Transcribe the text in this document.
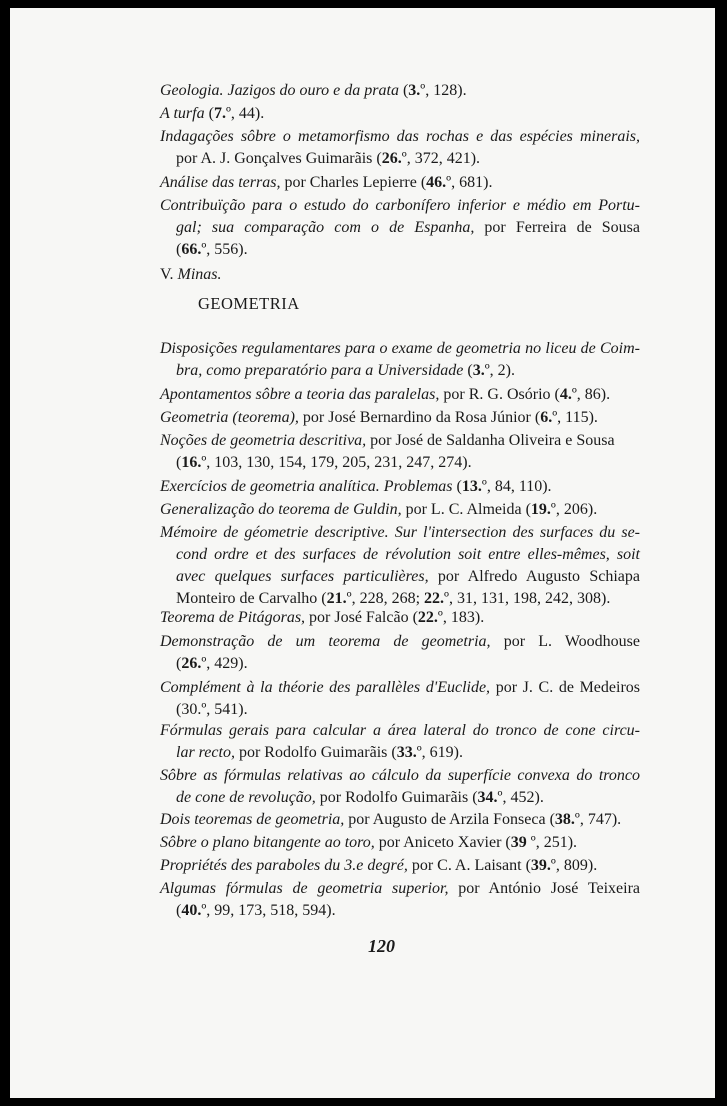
Geologia. Jazigos do ouro e da prata (3.º, 128).
A turfa (7.º, 44).
Indagações sôbre o metamorfismo das rochas e das espécies minerais,
por A. J. Gonçalves Guimarãis (26.º, 372, 421).
Análise das terras, por Charles Lepierre (46.º, 681).
Contribuïção para o estudo do carbonífero inferior e médio em Portu-
gal; sua comparação com o de Espanha, por Ferreira de Sousa
(66.º, 556).
V. Minas.
GEOMETRIA
Disposições regulamentares para o exame de geometria no liceu de Coim-
bra, como preparatório para a Universidade (3.º, 2).
Apontamentos sôbre a teoria das paralelas, por R. G. Osório (4.º, 86).
Geometria (teorema), por José Bernardino da Rosa Júnior (6.º, 115).
Noções de geometria descritiva, por José de Saldanha Oliveira e Sousa
(16.º, 103, 130, 154, 179, 205, 231, 247, 274).
Exercícios de geometria analítica. Problemas (13.º, 84, 110).
Generalização do teorema de Guldin, por L. C. Almeida (19.º, 206).
Mémoire de géometrie descriptive. Sur l'intersection des surfaces du se-
cond ordre et des surfaces de révolution soit entre elles-mêmes, soit
avec quelques surfaces particulières, por Alfredo Augusto Schiapa
Monteiro de Carvalho (21.º, 228, 268; 22.º, 31, 131, 198, 242, 308).
Teorema de Pitágoras, por José Falcão (22.º, 183).
Demonstração de um teorema de geometria, por L. Woodhouse
(26.º, 429).
Complément à la théorie des parallèles d'Euclide, por J. C. de Medeiros
(30.º, 541).
Fórmulas gerais para calcular a área lateral do tronco de cone circu-
lar recto, por Rodolfo Guimarãis (33.º, 619).
Sôbre as fórmulas relativas ao cálculo da superfície convexa do tronco
de cone de revolução, por Rodolfo Guimarãis (34.º, 452).
Dois teoremas de geometria, por Augusto de Arzila Fonseca (38.º, 747).
Sôbre o plano bitangente ao toro, por Aniceto Xavier (39 º, 251).
Propriétés des paraboles du 3.e degré, por C. A. Laisant (39.º, 809).
Algumas fórmulas de geometria superior, por António José Teixeira
(40.º, 99, 173, 518, 594).
120
